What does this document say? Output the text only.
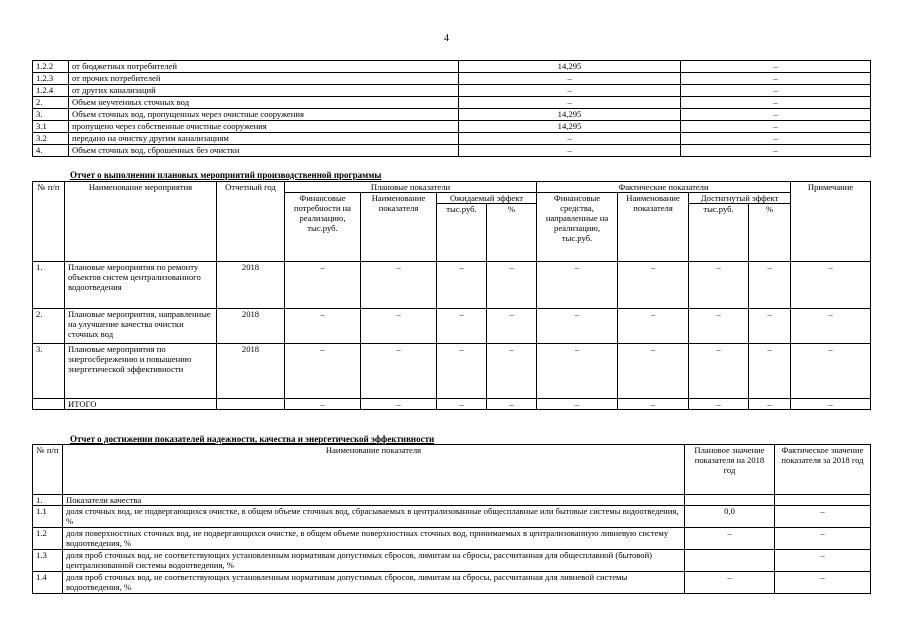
4
1.2.2	от бюджетных потребителей	14,295	–
1.2.3	от прочих потребителей	–	–
1.2.4	от других канализаций	–	–
2.	Объем неучтенных сточных вод	–	–
3.	Объем сточных вод, пропущенных через очистные сооружения	14,295	–
3.1	пропущено через собственные очистные сооружения	14,295	–
3.2	передано на очистку другим канализациям	–	–
4.	Объем сточных вод, сброшенных без очистки	–	–
Отчет о выполнении плановых мероприятий производственной программы
№ п/п	Наименование мероприятия	Отчетный год	Плановые показатели				Фактические показатели				Примечание
			Финансовые потребности на реализацию, тыс.руб.	Наименование показателя	Ожидаемый эффект		Финансовые средства, направленные на реализацию, тыс.руб.	Наименование показателя	Достигнутый эффект		
					тыс.руб.	%			тыс.руб.	%	
1.	Плановые мероприятия по ремонту объектов систем централизованного водоотведения	2018	–	–	–	–	–	–	–	–	–
2.	Плановые мероприятия, направленные на улучшение качества очистки сточных вод	2018	–	–	–	–	–	–	–	–	–
3.	Плановые мероприятия по энергосбережению и повышению энергетической эффективности	2018	–	–	–	–	–	–	–	–	–
	ИТОГО		–	–	–	–	–	–	–	–	–
Отчет о достижении показателей надежности, качества и энергетической эффективности
№ п/п	Наименование показателя	Плановое значение показателя на 2018 год	Фактическое значение показателя за 2018 год
1.	Показатели качества		
1.1	доля сточных вод, не подвергающихся очистке, в общем объеме сточных вод, сбрасываемых в централизованные общесплавные или бытовые системы водоотведения, %	0,0	–
1.2	доля поверхностных сточных вод, не подвергающихся очистке, в общем объеме поверхностных сточных вод, принимаемых в централизованную ливневую систему водоотведения, %	–	–
1.3	доля проб сточных вод, не соответствующих установленным нормативам допустимых сбросов, лимитам на сбросы, рассчитанная для общесплавной (бытовой) централизованной системы водоотведения, %		–
1.4	доля проб сточных вод, не соответствующих установленным нормативам допустимых сбросов, лимитам на сбросы, рассчитанная для ливневой системы водоотведения, %	–	–
